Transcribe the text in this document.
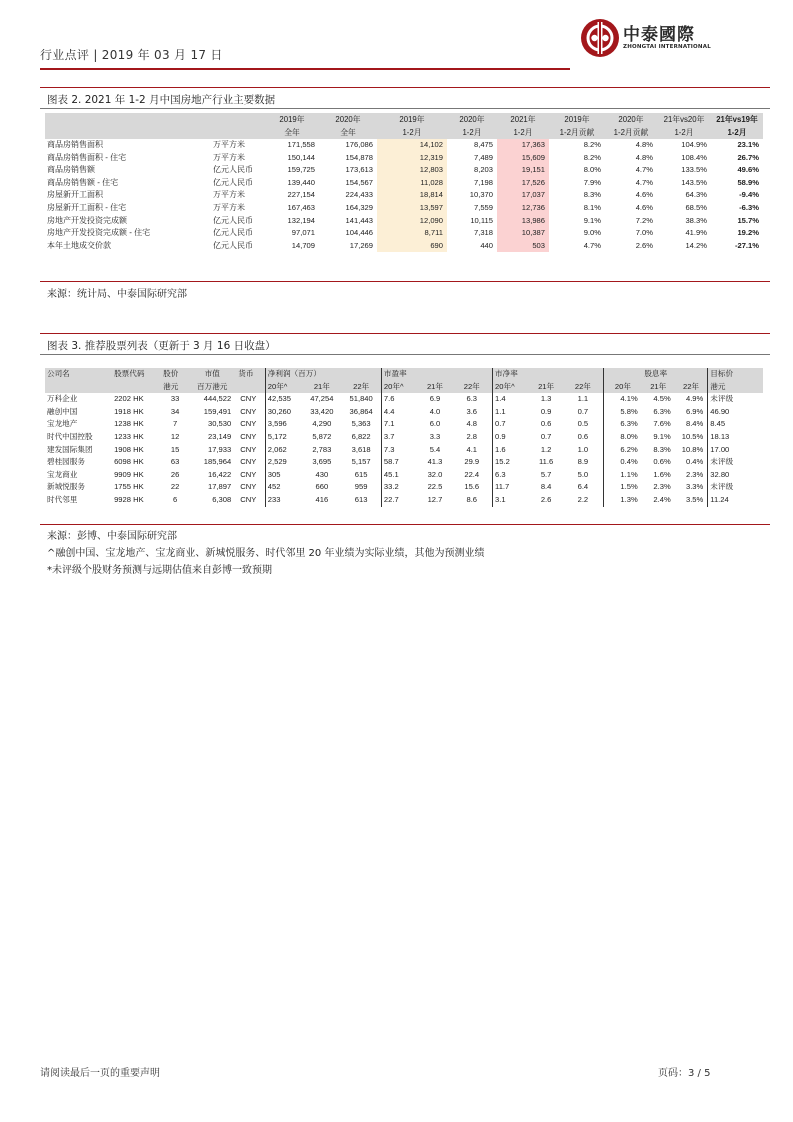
行业点评 | 2019 年 03 月 17 日
中泰國際
ZHONGTAI INTERNATIONAL
图表 2. 2021 年 1-2 月中国房地产行业主要数据
		2019年	2020年	2019年	2020年	2021年	2019年	2020年	21年vs20年	21年vs19年
		全年	全年	1-2月	1-2月	1-2月	1-2月贡献	1-2月贡献	1-2月	1-2月
商品房销售面积	万平方米	171,558	176,086	14,102	8,475	17,363	8.2%	4.8%	104.9%	23.1%
商品房销售面积 - 住宅	万平方米	150,144	154,878	12,319	7,489	15,609	8.2%	4.8%	108.4%	26.7%
商品房销售额	亿元人民币	159,725	173,613	12,803	8,203	19,151	8.0%	4.7%	133.5%	49.6%
商品房销售额 - 住宅	亿元人民币	139,440	154,567	11,028	7,198	17,526	7.9%	4.7%	143.5%	58.9%
房屋新开工面积	万平方米	227,154	224,433	18,814	10,370	17,037	8.3%	4.6%	64.3%	-9.4%
房屋新开工面积 - 住宅	万平方米	167,463	164,329	13,597	7,559	12,736	8.1%	4.6%	68.5%	-6.3%
房地产开发投资完成额	亿元人民币	132,194	141,443	12,090	10,115	13,986	9.1%	7.2%	38.3%	15.7%
房地产开发投资完成额 - 住宅	亿元人民币	97,071	104,446	8,711	7,318	10,387	9.0%	7.0%	41.9%	19.2%
本年土地成交价款	亿元人民币	14,709	17,269	690	440	503	4.7%	2.6%	14.2%	-27.1%
来源：统计局、中泰国际研究部
图表 3. 推荐股票列表（更新于 3 月 16 日收盘）
公司名	股票代码	股价	市值	货币	净利润（百万）			市盈率			市净率			股息率			目标价
		港元	百万港元		20年^	21年	22年	20年^	21年	22年	20年^	21年	22年	20年	21年	22年	港元
万科企业	2202 HK	33	444,522	CNY	42,535	47,254	51,840	7.6	6.9	6.3	1.4	1.3	1.1	4.1%	4.5%	4.9%	未评级
融创中国	1918 HK	34	159,491	CNY	30,260	33,420	36,864	4.4	4.0	3.6	1.1	0.9	0.7	5.8%	6.3%	6.9%	46.90
宝龙地产	1238 HK	7	30,530	CNY	3,596	4,290	5,363	7.1	6.0	4.8	0.7	0.6	0.5	6.3%	7.6%	8.4%	8.45
时代中国控股	1233 HK	12	23,149	CNY	5,172	5,872	6,822	3.7	3.3	2.8	0.9	0.7	0.6	8.0%	9.1%	10.5%	18.13
建发国际集团	1908 HK	15	17,933	CNY	2,062	2,783	3,618	7.3	5.4	4.1	1.6	1.2	1.0	6.2%	8.3%	10.8%	17.00
碧桂园服务	6098 HK	63	185,964	CNY	2,529	3,695	5,157	58.7	41.3	29.9	15.2	11.6	8.9	0.4%	0.6%	0.4%	未评级
宝龙商业	9909 HK	26	16,422	CNY	305	430	615	45.1	32.0	22.4	6.3	5.7	5.0	1.1%	1.6%	2.3%	32.80
新城悦服务	1755 HK	22	17,897	CNY	452	660	959	33.2	22.5	15.6	11.7	8.4	6.4	1.5%	2.3%	3.3%	未评级
时代邻里	9928 HK	6	6,308	CNY	233	416	613	22.7	12.7	8.6	3.1	2.6	2.2	1.3%	2.4%	3.5%	11.24
来源：彭博、中泰国际研究部
^融创中国、宝龙地产、宝龙商业、新城悦服务、时代邻里 20 年业绩为实际业绩，其他为预测业绩
*未评级个股财务预测与远期估值来自彭博一致预期
请阅读最后一页的重要声明	页码：3 / 5
